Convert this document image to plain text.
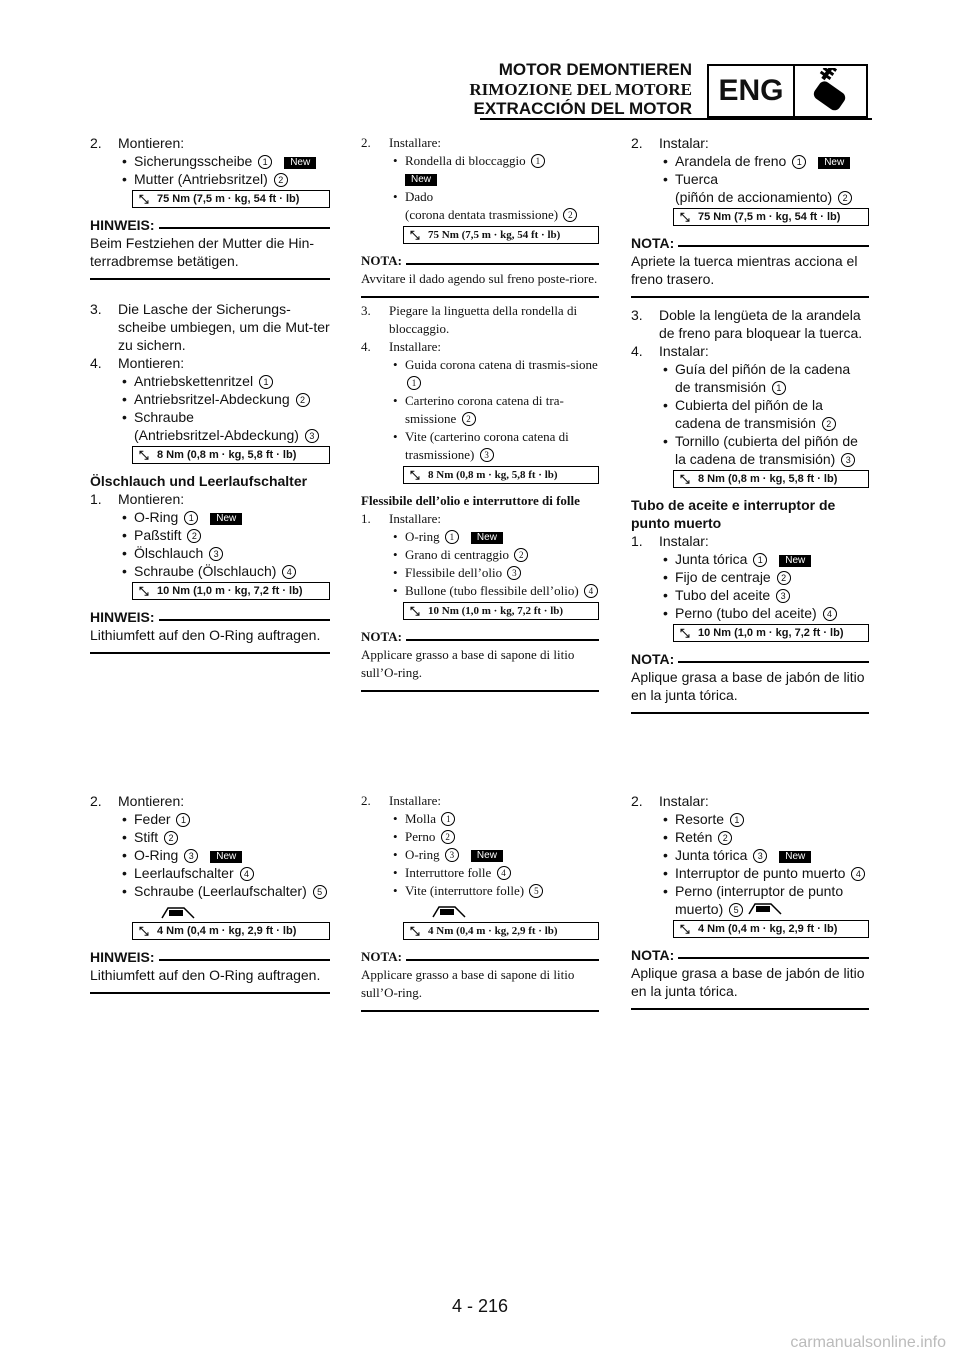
MOTOR DEMONTIEREN
RIMOZIONE DEL MOTORE
EXTRACCIÓN DEL MOTOR
ENG
2. Montieren:
• Sicherungsscheibe 1 New
• Mutter (Antriebsritzel) 2
⤡ 75 Nm (7,5 m · kg, 54 ft · lb)
HINWEIS:

Beim Festziehen der Mutter die Hin-terradbremse betätigen.

3. Die Lasche der Sicherungs-scheibe umbiegen, um die Mut-ter zu sichern.
4. Montieren:
• Antriebskettenritzel 1
• Antriebsritzel-Abdeckung 2
• Schraube
(Antriebsritzel-Abdeckung) 3
⤡ 8 Nm (0,8 m · kg, 5,8 ft · lb)
Ölschlauch und Leerlaufschalter
1. Montieren:
• O-Ring 1 New
• Paßstift 2
• Ölschlauch 3
• Schraube (Ölschlauch) 4
⤡ 10 Nm (1,0 m · kg, 7,2 ft · lb)
HINWEIS:

Lithiumfett auf den O-Ring auftragen.

2. Installare:
• Rondella di bloccaggio 1
New
• Dado
(corona dentata trasmissione) 2
⤡ 75 Nm (7,5 m · kg, 54 ft · lb)
NOTA:

Avvitare il dado agendo sul freno poste-riore.

3. Piegare la linguetta della rondella di bloccaggio.
4. Installare:
• Guida corona catena di trasmis-sione 1
• Carterino corona catena di tra-smissione 2
• Vite (carterino corona catena di trasmissione) 3
⤡ 8 Nm (0,8 m · kg, 5,8 ft · lb)
Flessibile dell’olio e interruttore di folle
1. Installare:
• O-ring 1 New
• Grano di centraggio 2
• Flessibile dell’olio 3
• Bullone (tubo flessibile dell’olio) 4
⤡ 10 Nm (1,0 m · kg, 7,2 ft · lb)
NOTA:

Applicare grasso a base di sapone di litio sull’O-ring.

2. Instalar:
• Arandela de freno 1 New
• Tuerca
(piñón de accionamiento) 2
⤡ 75 Nm (7,5 m · kg, 54 ft · lb)
NOTA:

Apriete la tuerca mientras acciona el freno trasero.

3. Doble la lengüeta de la arandela de freno para bloquear la tuerca.
4. Instalar:
• Guía del piñón de la cadena de transmisión 1
• Cubierta del piñón de la cadena de transmisión 2
• Tornillo (cubierta del piñón de la cadena de transmisión) 3
⤡ 8 Nm (0,8 m · kg, 5,8 ft · lb)
Tubo de aceite e interruptor de punto muerto
1. Instalar:
• Junta tórica 1 New
• Fijo de centraje 2
• Tubo del aceite 3
• Perno (tubo del aceite) 4
⤡ 10 Nm (1,0 m · kg, 7,2 ft · lb)
NOTA:

Aplique grasa a base de jabón de litio en la junta tórica.

2. Montieren:
• Feder 1
• Stift 2
• O-Ring 3 New
• Leerlaufschalter 4
• Schraube (Leerlaufschalter) 5
⤡ 4 Nm (0,4 m · kg, 2,9 ft · lb)
HINWEIS:

Lithiumfett auf den O-Ring auftragen.

2. Installare:
• Molla 1
• Perno 2
• O-ring 3 New
• Interruttore folle 4
• Vite (interruttore folle) 5
⤡ 4 Nm (0,4 m · kg, 2,9 ft · lb)
NOTA:

Applicare grasso a base di sapone di litio sull’O-ring.

2. Instalar:
• Resorte 1
• Retén 2
• Junta tórica 3 New
• Interruptor de punto muerto 4
• Perno (interruptor de punto muerto) 5
⤡ 4 Nm (0,4 m · kg, 2,9 ft · lb)
NOTA:

Aplique grasa a base de jabón de litio en la junta tórica.

4 - 216
carmanualsonline.info
